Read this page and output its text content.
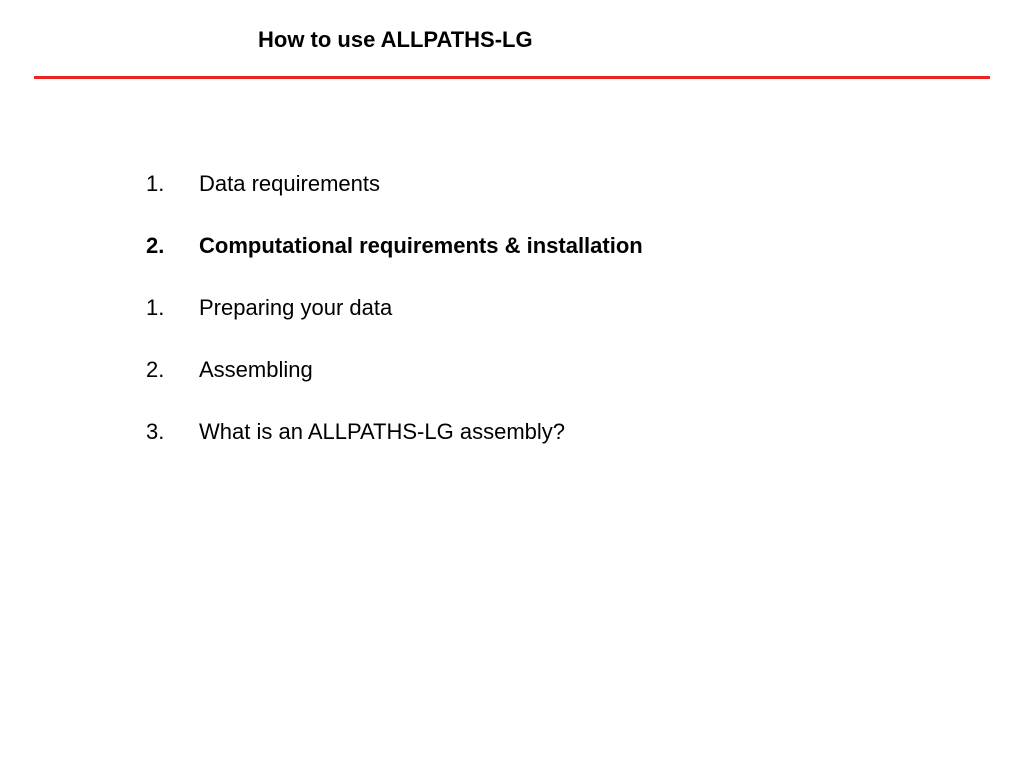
How to use ALLPATHS-LG
1. Data requirements
2. Computational requirements & installation
1. Preparing your data
2. Assembling
3. What is an ALLPATHS-LG assembly?
